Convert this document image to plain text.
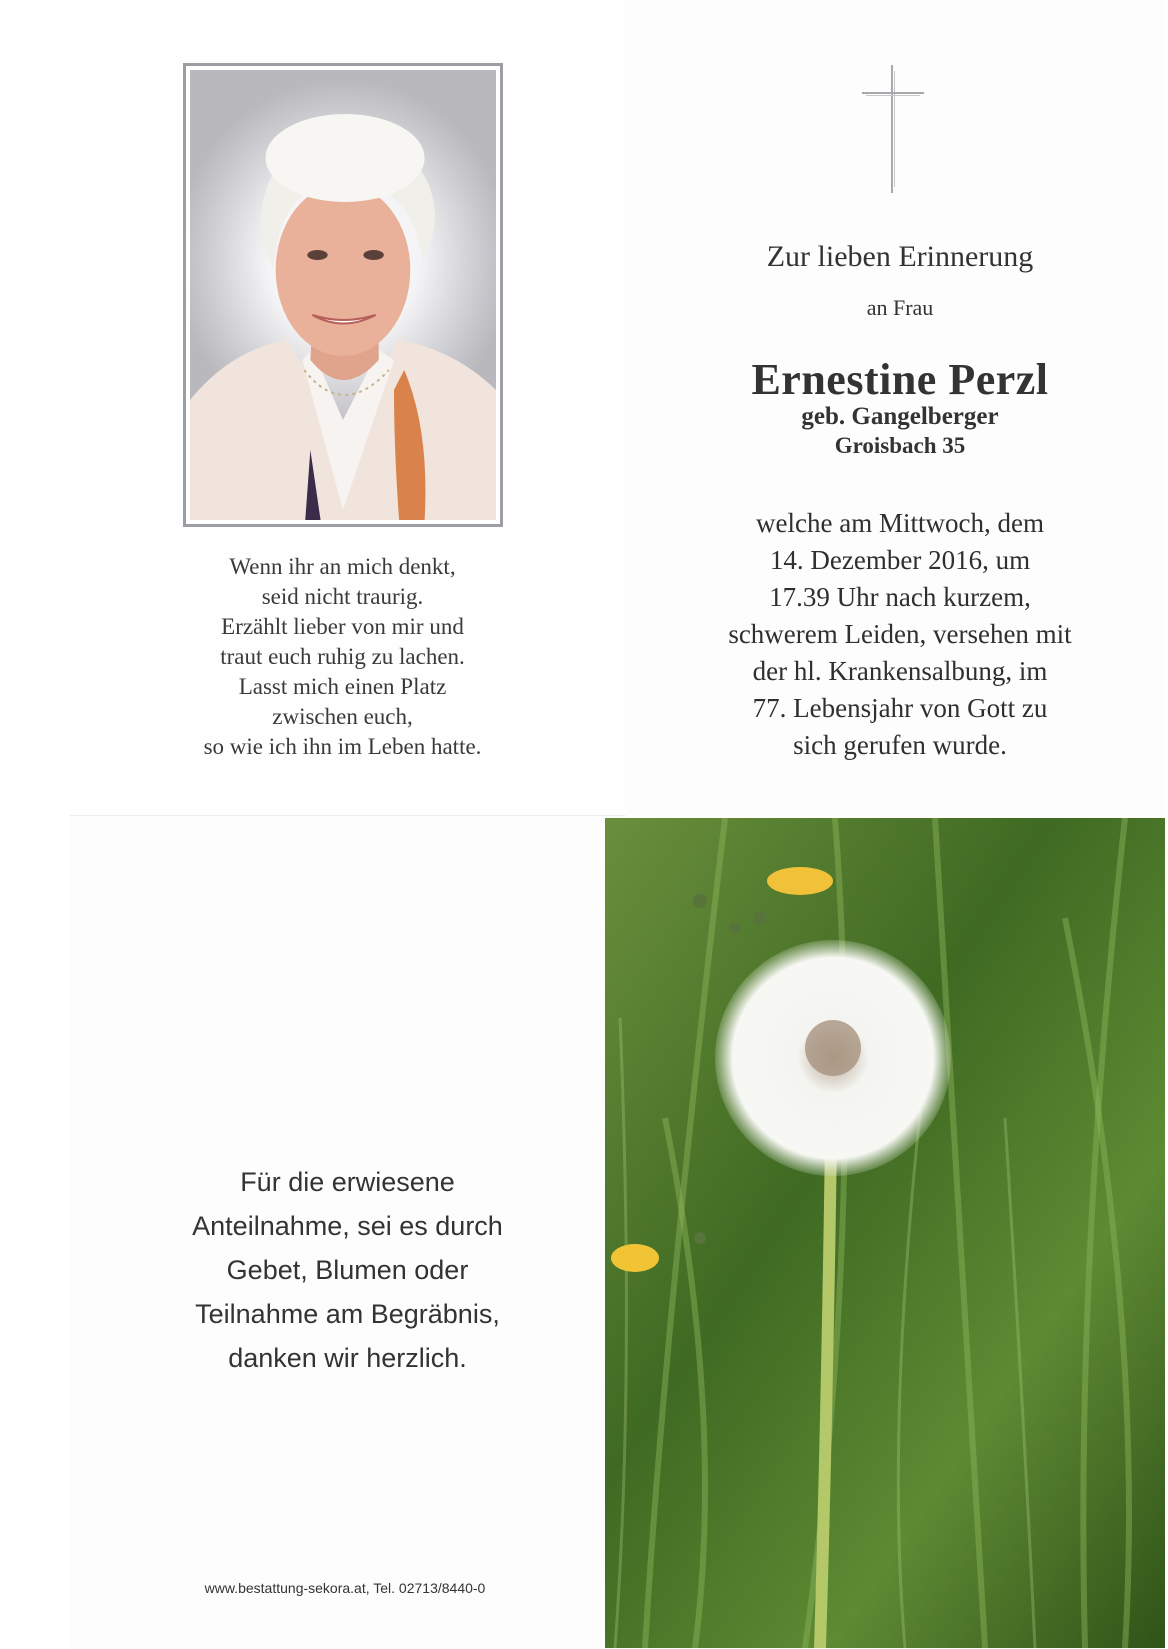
Wenn ihr an mich denkt,
seid nicht traurig.
Erzählt lieber von mir und
traut euch ruhig zu lachen.
Lasst mich einen Platz
zwischen euch,
so wie ich ihn im Leben hatte.
Zur lieben Erinnerung
an Frau
Ernestine Perzl
geb. Gangelberger
Groisbach 35
welche am Mittwoch, dem
14. Dezember 2016, um
17.39 Uhr nach kurzem,
schwerem Leiden, versehen mit
der hl. Krankensalbung, im
77. Lebensjahr von Gott zu
sich gerufen wurde.
Für die erwiesene
Anteilnahme, sei es durch
Gebet, Blumen oder
Teilnahme am Begräbnis,
danken wir herzlich.
www.bestattung-sekora.at, Tel. 02713/8440-0
